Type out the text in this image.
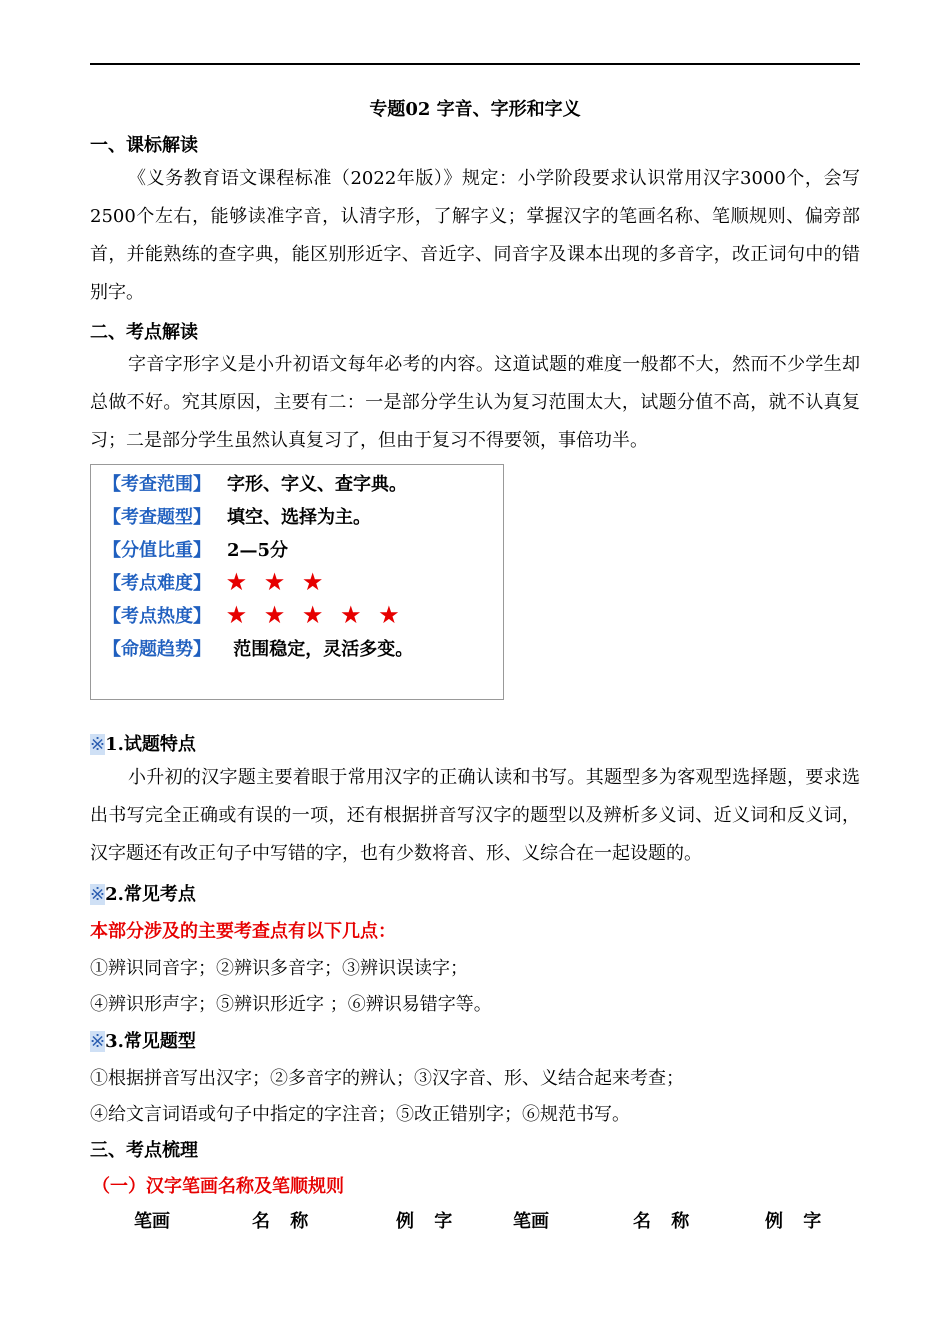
专题02 字音、字形和字义
一、课标解读

《义务教育语文课程标准（2022年版）》规定：小学阶段要求认识常用汉字3000个，会写2500个左右，能够读准字音，认清字形，了解字义；掌握汉字的笔画名称、笔顺规则、偏旁部首，并能熟练的查字典，能区别形近字、音近字、同音字及课本出现的多音字，改正词句中的错别字。

二、考点解读

字音字形字义是小升初语文每年必考的内容。这道试题的难度一般都不大，然而不少学生却总做不好。究其原因，主要有二：一是部分学生认为复习范围太大，试题分值不高，就不认真复习；二是部分学生虽然认真复习了，但由于复习不得要领，事倍功半。

【考查范围】 字形、字义、查字典。
【考查题型】 填空、选择为主。
【分值比重】 2—5分
【考点难度】 ★ ★ ★
【考点热度】 ★ ★ ★ ★ ★
【命题趋势】 范围稳定，灵活多变。
※1.试题特点

小升初的汉字题主要着眼于常用汉字的正确认读和书写。其题型多为客观型选择题，要求选出书写完全正确或有误的一项，还有根据拼音写汉字的题型以及辨析多义词、近义词和反义词，汉字题还有改正句子中写错的字，也有少数将音、形、义综合在一起设题的。

※2.常见考点
本部分涉及的主要考查点有以下几点：
①辨识同音字；②辨识多音字；③辨识误读字；
④辨识形声字；⑤辨识形近字 ；⑥辨识易错字等。
※3.常见题型
①根据拼音写出汉字；②多音字的辨认；③汉字音、形、义结合起来考查；
④给文言词语或句子中指定的字注音；⑤改正错别字；⑥规范书写。
三、考点梳理
（一）汉字笔画名称及笔顺规则
笔画	名 称	例 字	笔画	名 称	例 字
